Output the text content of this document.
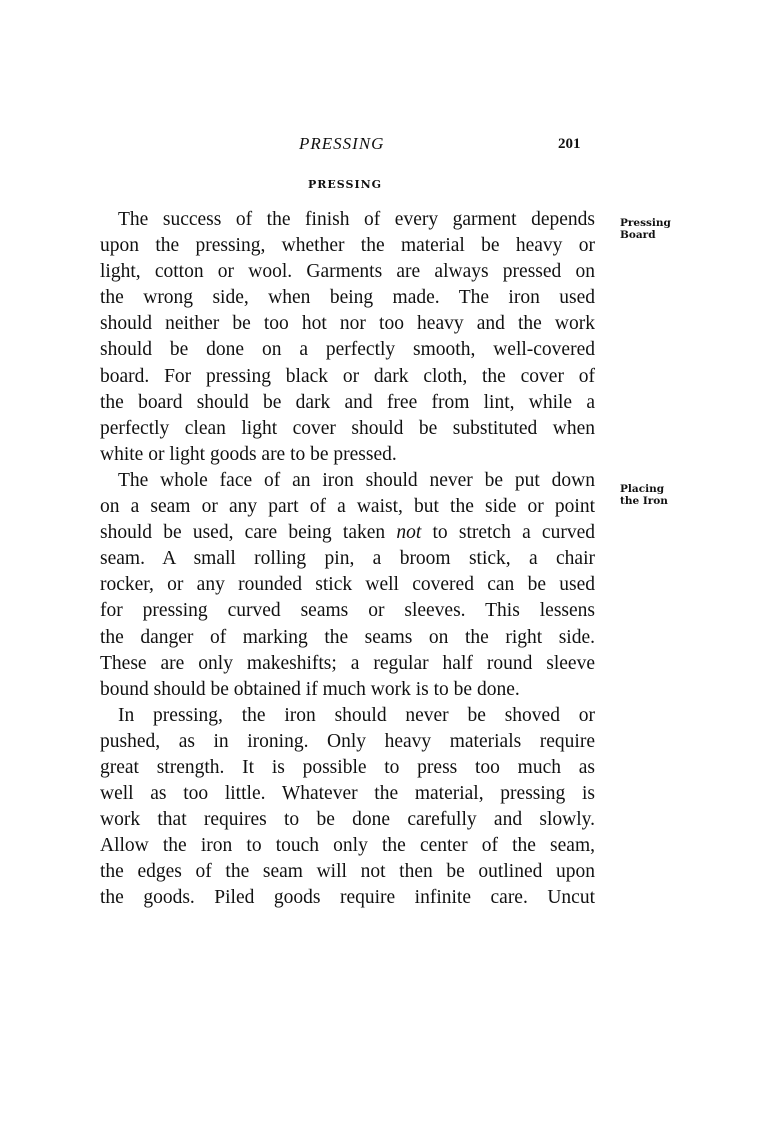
PRESSING	201
PRESSING
Pressing
Board
Placing
the Iron
The success of the finish of every garment depends
upon the pressing, whether the material be heavy or
light, cotton or wool. Garments are always pressed on
the wrong side, when being made. The iron used
should neither be too hot nor too heavy and the work
should be done on a perfectly smooth, well-covered
board. For pressing black or dark cloth, the cover of
the board should be dark and free from lint, while a
perfectly clean light cover should be substituted when
white or light goods are to be pressed.
The whole face of an iron should never be put down
on a seam or any part of a waist, but the side or point
should be used, care being taken not to stretch a curved
seam. A small rolling pin, a broom stick, a chair
rocker, or any rounded stick well covered can be used
for pressing curved seams or sleeves. This lessens
the danger of marking the seams on the right side.
These are only makeshifts; a regular half round sleeve
bound should be obtained if much work is to be done.
In pressing, the iron should never be shoved or
pushed, as in ironing. Only heavy materials require
great strength. It is possible to press too much as
well as too little. Whatever the material, pressing is
work that requires to be done carefully and slowly.
Allow the iron to touch only the center of the seam,
the edges of the seam will not then be outlined upon
the goods. Piled goods require infinite care. Uncut
